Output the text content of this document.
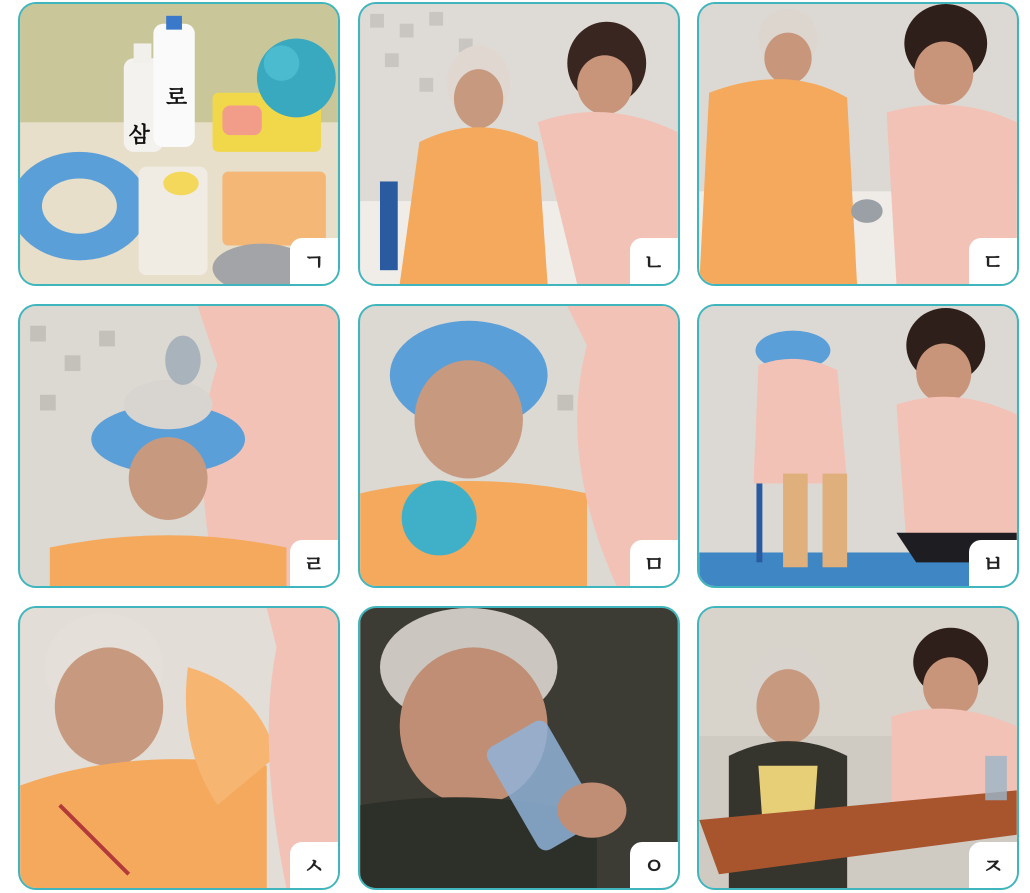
삼
로
ㄱ	ㄴ	ㄷ
ㄹ	ㅁ	ㅂ
ㅅ	ㅇ	ㅈ
